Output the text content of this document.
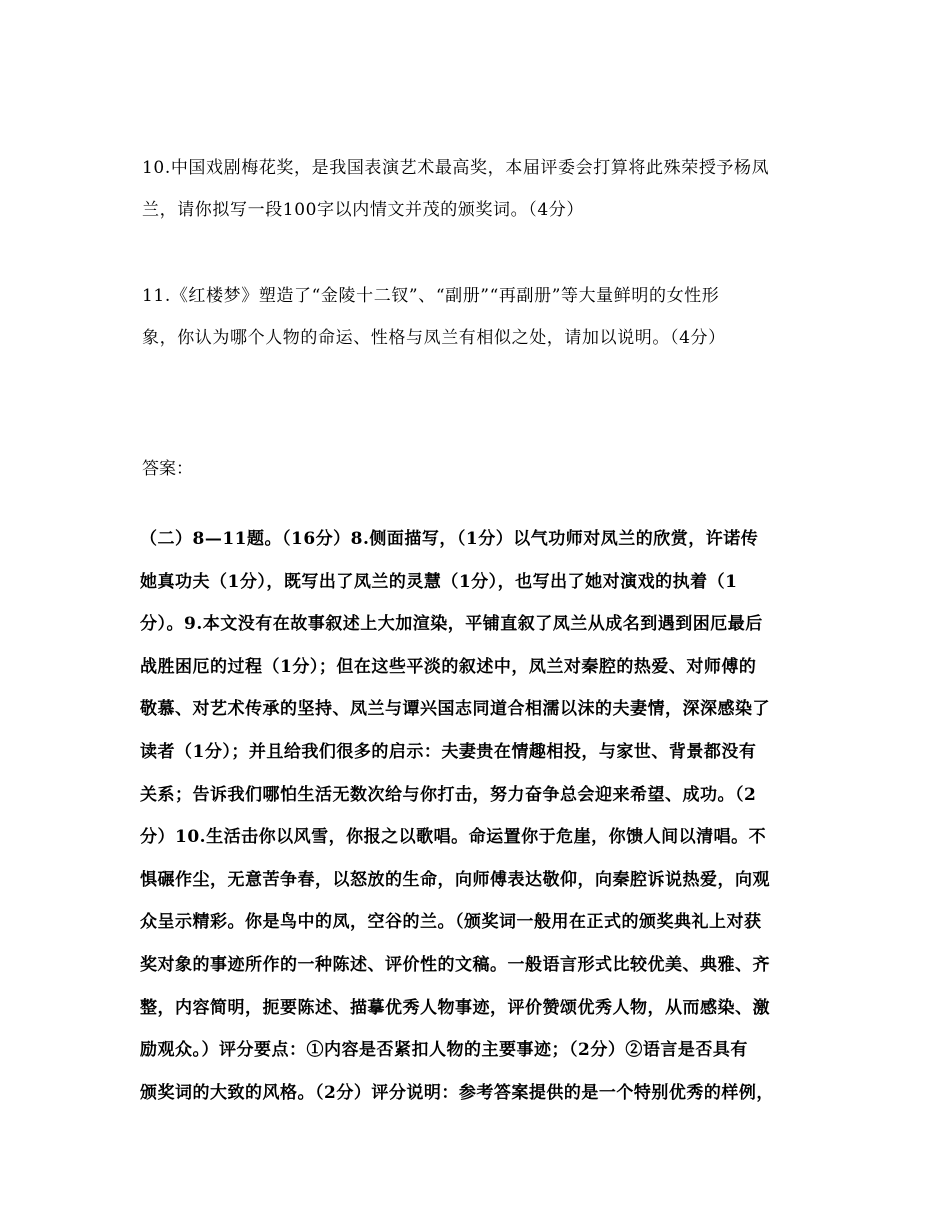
10.中国戏剧梅花奖，是我国表演艺术最高奖，本届评委会打算将此殊荣授予杨凤

兰，请你拟写一段100字以内情文并茂的颁奖词。（4分）

11.《红楼梦》塑造了“金陵十二钗”、“副册”“再副册”等大量鲜明的女性形

象，你认为哪个人物的命运、性格与凤兰有相似之处，请加以说明。（4分）

答案：

（二）8—11题。（16分）8.侧面描写，（1分）以气功师对凤兰的欣赏，许诺传

她真功夫（1分），既写出了凤兰的灵慧（1分），也写出了她对演戏的执着（1

分）。9.本文没有在故事叙述上大加渲染，平铺直叙了凤兰从成名到遇到困厄最后

战胜困厄的过程（1分）；但在这些平淡的叙述中，凤兰对秦腔的热爱、对师傅的

敬慕、对艺术传承的坚持、凤兰与谭兴国志同道合相濡以沫的夫妻情，深深感染了

读者（1分）；并且给我们很多的启示：夫妻贵在情趣相投，与家世、背景都没有

关系；告诉我们哪怕生活无数次给与你打击，努力奋争总会迎来希望、成功。（2

分）10.生活击你以风雪，你报之以歌唱。命运置你于危崖，你馈人间以清唱。不

惧碾作尘，无意苦争春，以怒放的生命，向师傅表达敬仰，向秦腔诉说热爱，向观

众呈示精彩。你是鸟中的凤，空谷的兰。（颁奖词一般用在正式的颁奖典礼上对获

奖对象的事迹所作的一种陈述、评价性的文稿。一般语言形式比较优美、典雅、齐

整，内容简明，扼要陈述、描摹优秀人物事迹，评价赞颂优秀人物，从而感染、激

励观众。）评分要点：①内容是否紧扣人物的主要事迹；（2分）②语言是否具有

颁奖词的大致的风格。（2分）评分说明：参考答案提供的是一个特别优秀的样例，
